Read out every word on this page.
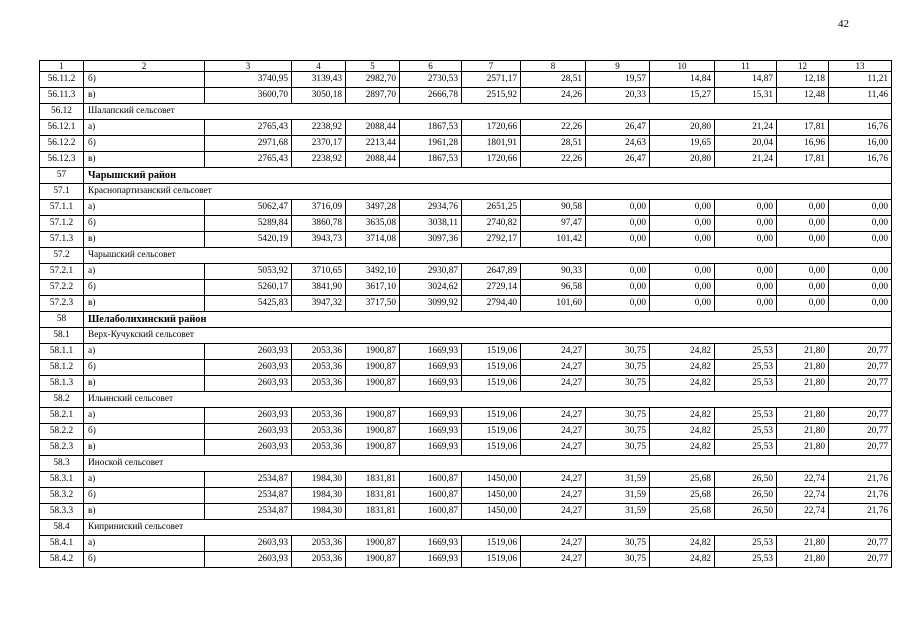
42
1	2	3	4	5	6	7	8	9	10	11	12	13
56.11.2	б)	3740,95	3139,43	2982,70	2730,53	2571,17	28,51	19,57	14,84	14,87	12,18	11,21
56.11.3	в)	3600,70	3050,18	2897,70	2666,78	2515,92	24,26	20,33	15,27	15,31	12,48	11,46
56.12	Шалапский сельсовет											
56.12.1	а)	2765,43	2238,92	2088,44	1867,53	1720,66	22,26	26,47	20,80	21,24	17,81	16,76
56.12.2	б)	2971,68	2370,17	2213,44	1961,28	1801,91	28,51	24,63	19,65	20,04	16,96	16,00
56.12.3	в)	2765,43	2238,92	2088,44	1867,53	1720,66	22,26	26,47	20,80	21,24	17,81	16,76
57	Чарышский район											
57.1	Краснопартизанский сельсовет											
57.1.1	а)	5062,47	3716,09	3497,28	2934,76	2651,25	90,58	0,00	0,00	0,00	0,00	0,00
57.1.2	б)	5289,84	3860,78	3635,08	3038,11	2740,82	97,47	0,00	0,00	0,00	0,00	0,00
57.1.3	в)	5420,19	3943,73	3714,08	3097,36	2792,17	101,42	0,00	0,00	0,00	0,00	0,00
57.2	Чарышский сельсовет											
57.2.1	а)	5053,92	3710,65	3492,10	2930,87	2647,89	90,33	0,00	0,00	0,00	0,00	0,00
57.2.2	б)	5260,17	3841,90	3617,10	3024,62	2729,14	96,58	0,00	0,00	0,00	0,00	0,00
57.2.3	в)	5425,83	3947,32	3717,50	3099,92	2794,40	101,60	0,00	0,00	0,00	0,00	0,00
58	Шелаболихинский район											
58.1	Верх-Кучукский сельсовет											
58.1.1	а)	2603,93	2053,36	1900,87	1669,93	1519,06	24,27	30,75	24,82	25,53	21,80	20,77
58.1.2	б)	2603,93	2053,36	1900,87	1669,93	1519,06	24,27	30,75	24,82	25,53	21,80	20,77
58.1.3	в)	2603,93	2053,36	1900,87	1669,93	1519,06	24,27	30,75	24,82	25,53	21,80	20,77
58.2	Ильинский сельсовет											
58.2.1	а)	2603,93	2053,36	1900,87	1669,93	1519,06	24,27	30,75	24,82	25,53	21,80	20,77
58.2.2	б)	2603,93	2053,36	1900,87	1669,93	1519,06	24,27	30,75	24,82	25,53	21,80	20,77
58.2.3	в)	2603,93	2053,36	1900,87	1669,93	1519,06	24,27	30,75	24,82	25,53	21,80	20,77
58.3	Иноской сельсовет											
58.3.1	а)	2534,87	1984,30	1831,81	1600,87	1450,00	24,27	31,59	25,68	26,50	22,74	21,76
58.3.2	б)	2534,87	1984,30	1831,81	1600,87	1450,00	24,27	31,59	25,68	26,50	22,74	21,76
58.3.3	в)	2534,87	1984,30	1831,81	1600,87	1450,00	24,27	31,59	25,68	26,50	22,74	21,76
58.4	Киприниский сельсовет											
58.4.1	а)	2603,93	2053,36	1900,87	1669,93	1519,06	24,27	30,75	24,82	25,53	21,80	20,77
58.4.2	б)	2603,93	2053,36	1900,87	1669,93	1519,06	24,27	30,75	24,82	25,53	21,80	20,77
